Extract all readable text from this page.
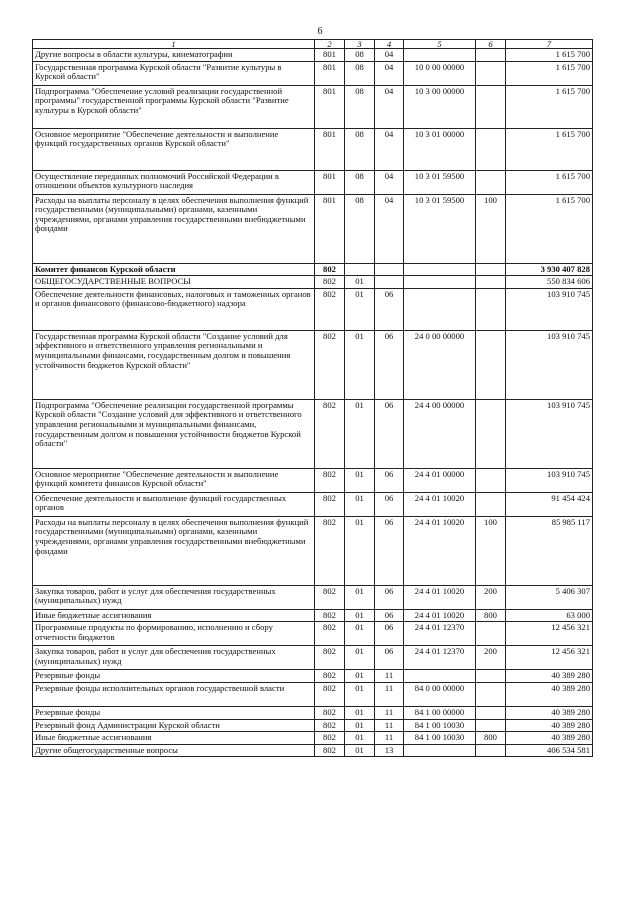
6
1	2	3	4	5	6	7
Другие вопросы в области культуры, кинематографии	801	08	04			1 615 700
Государственная программа Курской области "Развитие культуры в Курской области"	801	08	04	10 0 00 00000		1 615 700
Подпрограмма "Обеспечение условий реализации государственной программы" государственной программы Курской области "Развитие культуры в Курской области"	801	08	04	10 3 00 00000		1 615 700
Основное мероприятие "Обеспечение деятельности и выполнение функций государственных органов Курской области"	801	08	04	10 3 01 00000		1 615 700
Осуществление переданных полномочий Российской Федерации в отношении объектов культурного наследия	801	08	04	10 3 01 59500		1 615 700
Расходы на выплаты персоналу в целях обеспечения выполнения функций государственными (муниципальными) органами, казенными учреждениями, органами управления государственными внебюджетными фондами	801	08	04	10 3 01 59500	100	1 615 700
Комитет финансов Курской области	802					3 930 407 828
ОБЩЕГОСУДАРСТВЕННЫЕ ВОПРОСЫ	802	01				550 834 606
Обеспечение деятельности финансовых, налоговых и таможенных органов и органов финансового (финансово-бюджетного) надзора	802	01	06			103 910 745
Государственная программа Курской области "Создание условий для эффективного и ответственного управления региональными и муниципальными финансами, государственным долгом и повышения устойчивости бюджетов Курской области"	802	01	06	24 0 00 00000		103 910 745
Подпрограмма "Обеспечение реализации государственной программы Курской области "Создание условий для эффективного и ответственного управления региональными и муниципальными финансами, государственным долгом и повышения устойчивости бюджетов Курской области"	802	01	06	24 4 00 00000		103 910 745
Основное мероприятие "Обеспечение деятельности и выполнение функций комитета финансов Курской области"	802	01	06	24 4 01 00000		103 910 745
Обеспечение деятельности и выполнение функций государственных органов	802	01	06	24 4 01 10020		91 454 424
Расходы на выплаты персоналу в целях обеспечения выполнения функций государственными (муниципальными) органами, казенными учреждениями, органами управления государственными внебюджетными фондами	802	01	06	24 4 01 10020	100	85 985 117
Закупка товаров, работ и услуг для обеспечения государственных (муниципальных) нужд	802	01	06	24 4 01 10020	200	5 406 307
Иные бюджетные ассигнования	802	01	06	24 4 01 10020	800	63 000
Программные продукты по формированию, исполнению и сбору отчетности бюджетов	802	01	06	24 4 01 12370		12 456 321
Закупка товаров, работ и услуг для обеспечения государственных (муниципальных) нужд	802	01	06	24 4 01 12370	200	12 456 321
Резервные фонды	802	01	11			40 389 280
Резервные фонды исполнительных органов государственной власти	802	01	11	84 0 00 00000		40 389 280
Резервные фонды	802	01	11	84 1 00 00000		40 389 280
Резервный фонд Администрации Курской области	802	01	11	84 1 00 10030		40 389 280
Иные бюджетные ассигнования	802	01	11	84 1 00 10030	800	40 389 280
Другие общегосударственные вопросы	802	01	13			406 534 581
